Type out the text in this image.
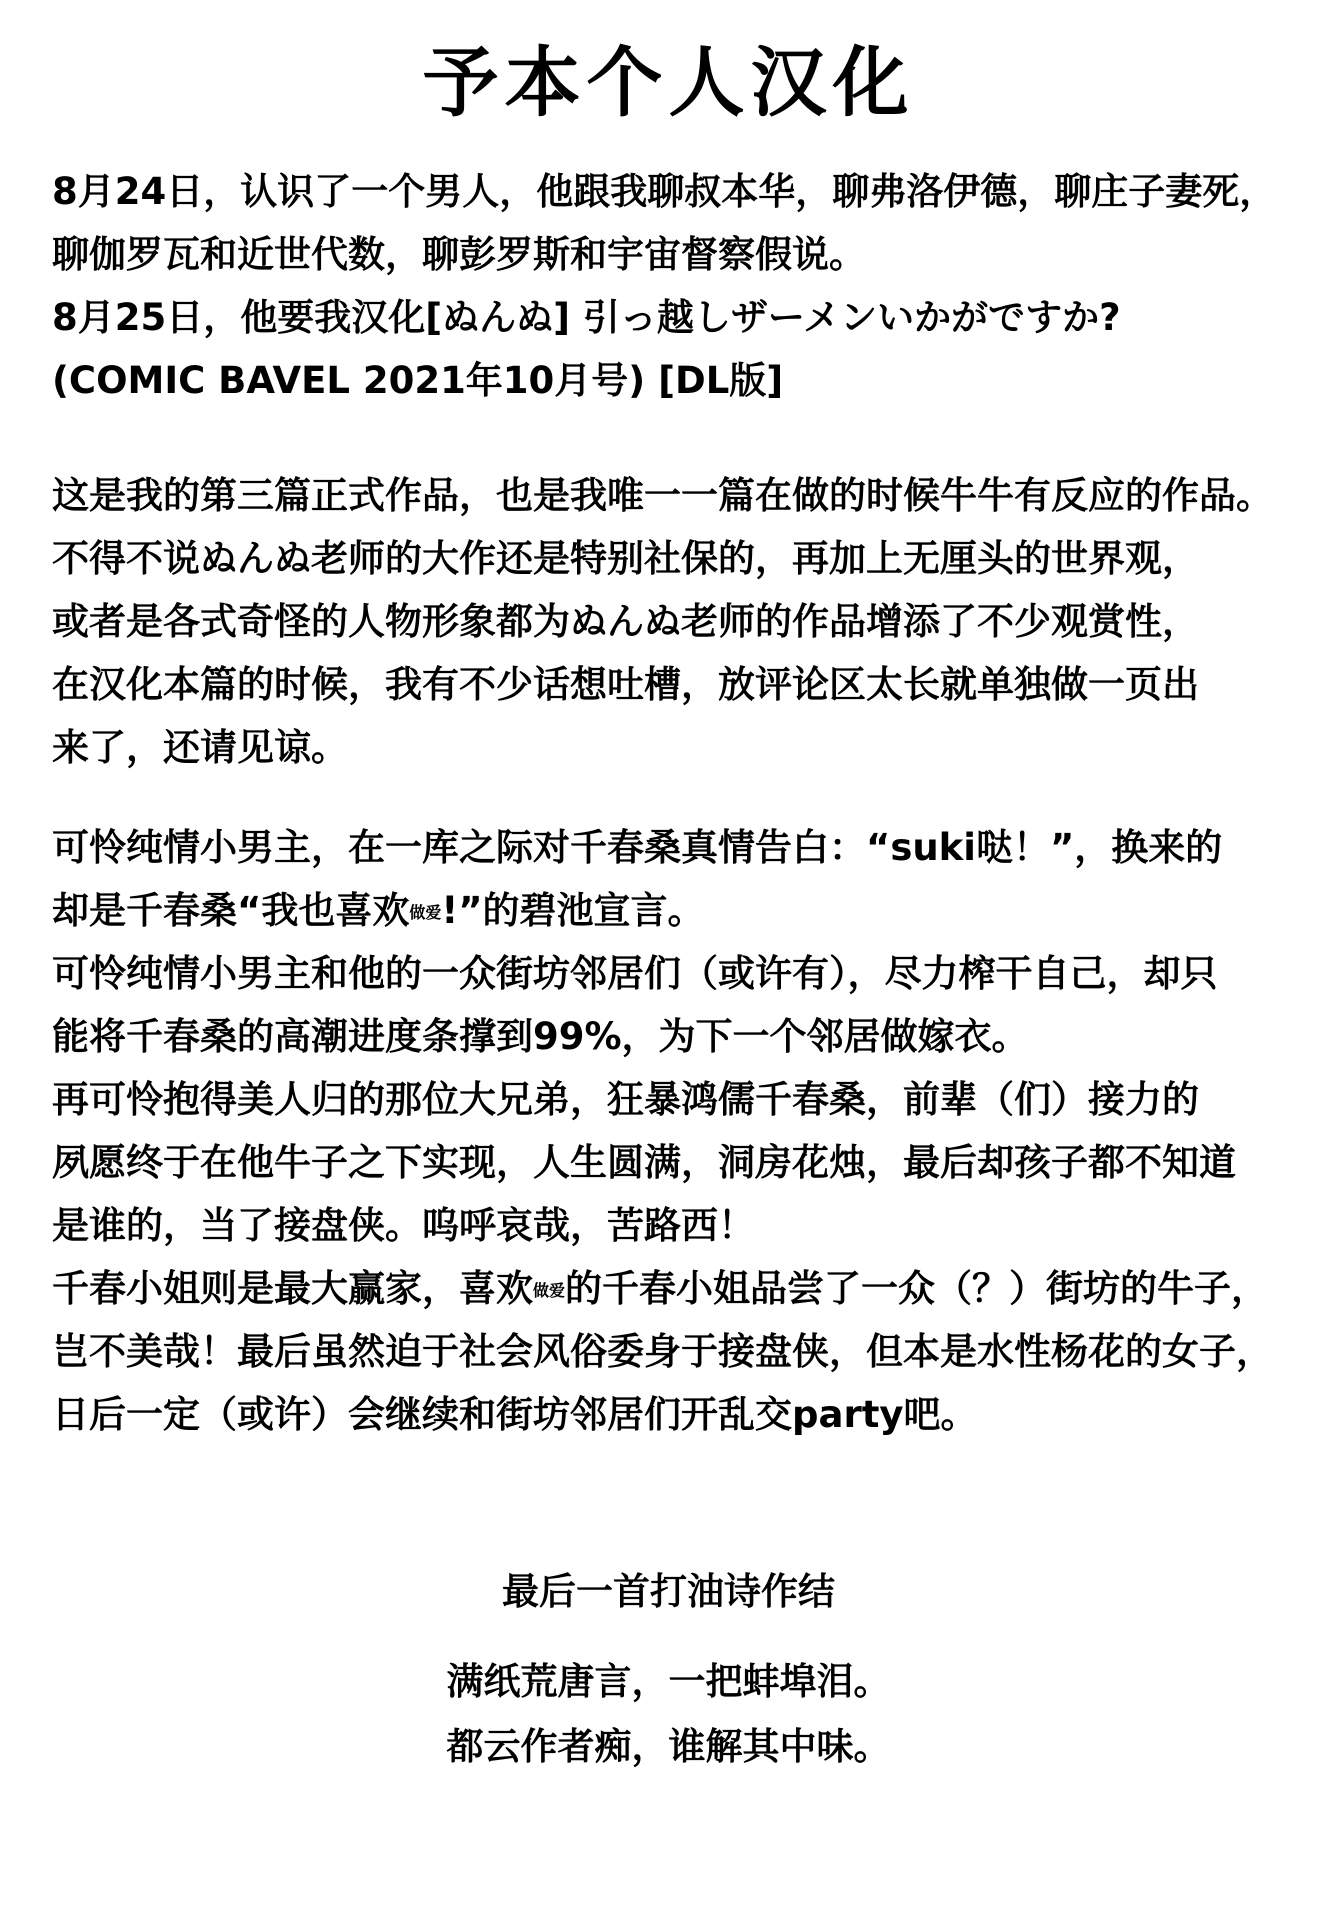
予本个人汉化
8月24日，认识了一个男人，他跟我聊叔本华，聊弗洛伊德，聊庄子妻死，
聊伽罗瓦和近世代数，聊彭罗斯和宇宙督察假说。
8月25日，他要我汉化[ぬんぬ] 引っ越しザーメンいかがですか?
(COMIC BAVEL 2021年10月号) [DL版]
这是我的第三篇正式作品，也是我唯一一篇在做的时候牛牛有反应的作品。
不得不说ぬんぬ老师的大作还是特别社保的，再加上无厘头的世界观，
或者是各式奇怪的人物形象都为ぬんぬ老师的作品增添了不少观赏性，
在汉化本篇的时候，我有不少话想吐槽，放评论区太长就单独做一页出
来了，还请见谅。
可怜纯情小男主，在一库之际对千春桑真情告白：“suki哒！”，换来的
却是千春桑“我也喜欢做爱!”的碧池宣言。
可怜纯情小男主和他的一众街坊邻居们（或许有），尽力榨干自己，却只
能将千春桑的高潮进度条撑到99%，为下一个邻居做嫁衣。
再可怜抱得美人归的那位大兄弟，狂暴鸿儒千春桑，前辈（们）接力的
夙愿终于在他牛子之下实现，人生圆满，洞房花烛，最后却孩子都不知道
是谁的，当了接盘侠。呜呼哀哉，苦路西！
千春小姐则是最大赢家，喜欢做爱的千春小姐品尝了一众（？）街坊的牛子，
岂不美哉！最后虽然迫于社会风俗委身于接盘侠，但本是水性杨花的女子，
日后一定（或许）会继续和街坊邻居们开乱交party吧。
最后一首打油诗作结
满纸荒唐言，一把蚌埠泪。
都云作者痴，谁解其中味。
